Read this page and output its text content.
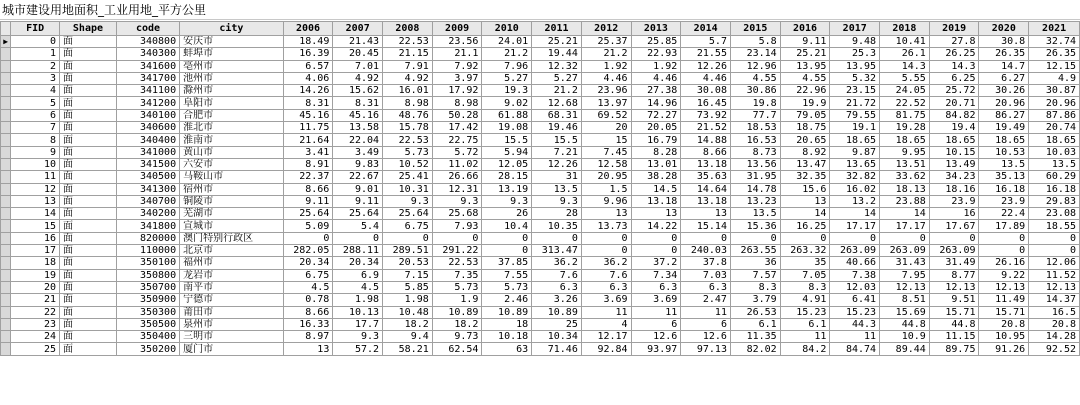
城市建设用地面积_工业用地_平方公里
	FID	Shape	code	city	2006	2007	2008	2009	2010	2011	2012	2013	2014	2015	2016	2017	2018	2019	2020	2021
▶	0	面	340800	安庆市	18.49	21.43	22.53	23.56	24.01	25.21	25.37	25.85	5.7	5.8	9.11	9.48	10.41	27.8	30.8	32.74
	1	面	340300	蚌埠市	16.39	20.45	21.15	21.1	21.2	19.44	21.2	22.93	21.55	23.14	25.21	25.3	26.1	26.25	26.35	26.35
	2	面	341600	亳州市	6.57	7.01	7.91	7.92	7.96	12.32	1.92	1.92	12.26	12.96	13.95	13.95	14.3	14.3	14.7	12.15
	3	面	341700	池州市	4.06	4.92	4.92	3.97	5.27	5.27	4.46	4.46	4.46	4.55	4.55	5.32	5.55	6.25	6.27	4.9
	4	面	341100	滁州市	14.26	15.62	16.01	17.92	19.3	21.2	23.96	27.38	30.08	30.86	22.96	23.15	24.05	25.72	30.26	30.87
	5	面	341200	阜阳市	8.31	8.31	8.98	8.98	9.02	12.68	13.97	14.96	16.45	19.8	19.9	21.72	22.52	20.71	20.96	20.96
	6	面	340100	合肥市	45.16	45.16	48.76	50.28	61.88	68.31	69.52	72.27	73.92	77.7	79.05	79.55	81.75	84.82	86.27	87.86
	7	面	340600	淮北市	11.75	13.58	15.78	17.42	19.08	19.46	20	20.05	21.52	18.53	18.75	19.1	19.28	19.4	19.49	20.74
	8	面	340400	淮南市	21.64	22.04	22.53	22.75	15.5	15.5	15	16.79	14.88	16.53	20.65	18.65	18.65	18.65	18.65	18.65
	9	面	341000	黄山市	3.41	3.49	5.73	5.72	5.94	7.21	7.45	8.28	8.66	8.73	8.92	9.87	9.95	10.15	10.53	10.03
	10	面	341500	六安市	8.91	9.83	10.52	11.02	12.05	12.26	12.58	13.01	13.18	13.56	13.47	13.65	13.51	13.49	13.5	13.5
	11	面	340500	马鞍山市	22.37	22.67	25.41	26.66	28.15	31	20.95	38.28	35.63	31.95	32.35	32.82	33.62	34.23	35.13	60.29
	12	面	341300	宿州市	8.66	9.01	10.31	12.31	13.19	13.5	1.5	14.5	14.64	14.78	15.6	16.02	18.13	18.16	16.18	16.18
	13	面	340700	铜陵市	9.11	9.11	9.3	9.3	9.3	9.3	9.96	13.18	13.18	13.23	13	13.2	23.88	23.9	23.9	29.83
	14	面	340200	芜湖市	25.64	25.64	25.64	25.68	26	28	13	13	13	13.5	14	14	14	16	22.4	23.08
	15	面	341800	宣城市	5.09	5.4	6.75	7.93	10.4	10.35	13.73	14.22	15.14	15.36	16.25	17.17	17.17	17.67	17.89	18.55
	16	面	820000	澳门特别行政区	0	0	0	0	0	0	0	0	0	0	0	0	0	0	0	0
	17	面	110000	北京市	282.05	288.11	289.51	291.22	0	313.47	0	0	240.03	263.55	263.32	263.09	263.09	263.09	0	0
	18	面	350100	福州市	20.34	20.34	20.53	22.53	37.85	36.2	36.2	37.2	37.8	36	35	40.66	31.43	31.49	26.16	12.06
	19	面	350800	龙岩市	6.75	6.9	7.15	7.35	7.55	7.6	7.6	7.34	7.03	7.57	7.05	7.38	7.95	8.77	9.22	11.52
	20	面	350700	南平市	4.5	4.5	5.85	5.73	5.73	6.3	6.3	6.3	6.3	8.3	8.3	12.03	12.13	12.13	12.13	12.13
	21	面	350900	宁德市	0.78	1.98	1.98	1.9	2.46	3.26	3.69	3.69	2.47	3.79	4.91	6.41	8.51	9.51	11.49	14.37
	22	面	350300	莆田市	8.66	10.13	10.48	10.89	10.89	10.89	11	11	11	26.53	15.23	15.23	15.69	15.71	15.71	16.5
	23	面	350500	泉州市	16.33	17.7	18.2	18.2	18	25	4	6	6	6.1	6.1	44.3	44.8	44.8	20.8	20.8
	24	面	350400	三明市	8.97	9.3	9.4	9.73	10.18	10.34	12.17	12.6	12.6	11.35	11	11	10.9	11.15	10.95	14.28
	25	面	350200	厦门市	13	57.2	58.21	62.54	63	71.46	92.84	93.97	97.13	82.02	84.2	84.74	89.44	89.75	91.26	92.52
